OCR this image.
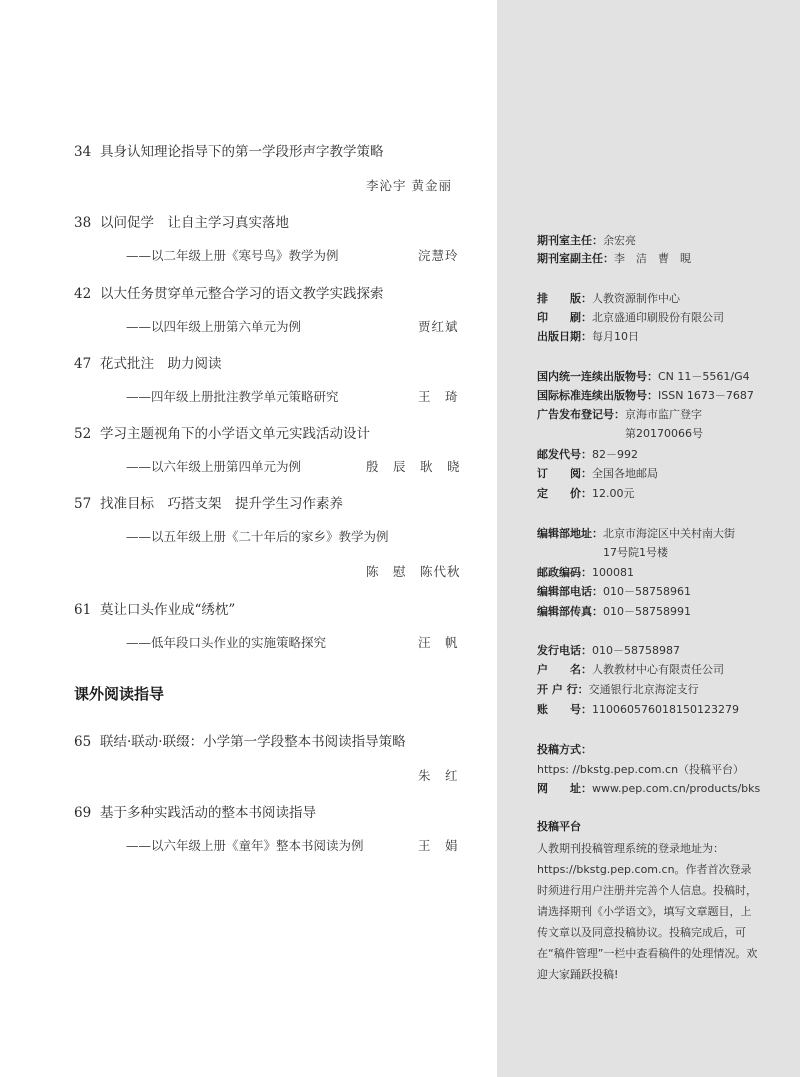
34 具身认知理论指导下的第一学段形声字教学策略
李沁宇 黄金丽
38 以问促学　让自主学习真实落地
——以二年级上册《寒号鸟》教学为例	浣慧玲
42 以大任务贯穿单元整合学习的语文教学实践探索
——以四年级上册第六单元为例	贾红斌
47 花式批注　助力阅读
——四年级上册批注教学单元策略研究	王　琦
52 学习主题视角下的小学语文单元实践活动设计
——以六年级上册第四单元为例	殷　辰　耿　晓
57 找准目标　巧搭支架　提升学生习作素养
——以五年级上册《二十年后的家乡》教学为例
陈　慰　陈代秋
61 莫让口头作业成“绣枕”
——低年段口头作业的实施策略探究	汪　帆
课外阅读指导
65 联结·联动·联缀：小学第一学段整本书阅读指导策略
朱　红
69 基于多种实践活动的整本书阅读指导
——以六年级上册《童年》整本书阅读为例	王　娟
期刊室主任：余宏亮
期刊室副主任：李　洁　曹　睍
排　　版：人教资源制作中心
印　　刷：北京盛通印刷股份有限公司
出版日期：每月10日
国内统一连续出版物号：CN 11－5561/G4
国际标准连续出版物号：ISSN 1673－7687
广告发布登记号：京海市监广登字
第20170066号
邮发代号：82－992
订　　阅：全国各地邮局
定　　价：12.00元
编辑部地址：北京市海淀区中关村南大街
17号院1号楼
邮政编码：100081
编辑部电话：010－58758961
编辑部传真：010－58758991
发行电话：010－58758987
户　　名：人教教材中心有限责任公司
开 户 行：交通银行北京海淀支行
账　　号：110060576018150123279
投稿方式：
https: //bkstg.pep.com.cn（投稿平台）
网　　址：www.pep.com.cn/products/bks
投稿平台
人教期刊投稿管理系统的登录地址为：https://bkstg.pep.com.cn。作者首次登录时须进行用户注册并完善个人信息。投稿时，请选择期刊《小学语文》，填写文章题目，上传文章以及同意投稿协议。投稿完成后，可在“稿件管理”一栏中查看稿件的处理情况。欢迎大家踊跃投稿!
